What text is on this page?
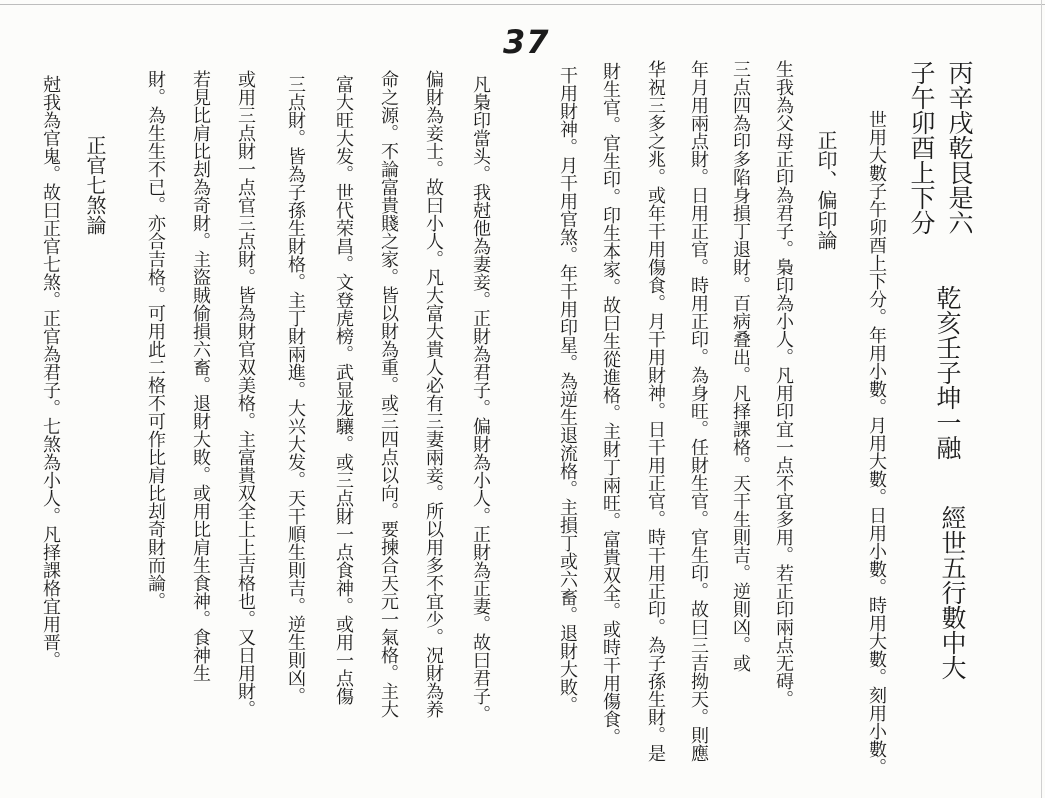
37
丙辛戌乾艮是六
乾亥壬子坤一融
經世五行數中大
子午卯酉上下分
世用大數子午卯酉上下分。年用小數。月用大數。日用小數。時用大數。刻用小數。
正印、偏印論
生我為父母正印為君子。梟印為小人。凡用印宜一点不宜多用。若正印兩点无碍。
三点四為印多陷身損丁退財。百病叠出。凡择課格。天干生則吉。逆則凶。或
年月用兩点財。日用正官。時用正印。為身旺。任財生官。官生印。故曰三吉拗天。則應
华祝三多之兆。或年干用傷食。月干用財神。日干用正官。時干用正印。為子孫生財。是
財生官。官生印。印生本家。故曰生從進格。主財丁兩旺。富貴双全。或時干用傷食。
干用財神。月干用官煞。年干用印星。為逆生退流格。主損丁或六畜。退財大敗。
凡梟印當头。我尅他為妻妾。正財為君子。偏財為小人。正財為正妻。故曰君子。
偏財為妾士。故曰小人。凡大富大貴人必有三妻兩妾。所以用多不宜少。况財為养
命之源。不論富貴賤之家。皆以財為重。或三四点以向。要揀合天元一氣格。主大
富大旺大发。世代荣昌。文登虎榜。武显龙驤。或三点財一点食神。或用一点傷
三点財。皆為子孫生財格。主丁財兩進。大兴大发。天干順生則吉。逆生則凶。
或用三点財一点官三点財。皆為財官双美格。主富貴双全上上吉格也。又日用財。
若見比肩比刦為奇財。主盜賊偷損六畜。退財大敗。或用比肩生食神。食神生
財。為生生不已。亦合吉格。可用此二格不可作比肩比刦奇財而論。
正官七煞論
尅我為官鬼。故曰正官七煞。正官為君子。七煞為小人。凡择課格宜用晋。
